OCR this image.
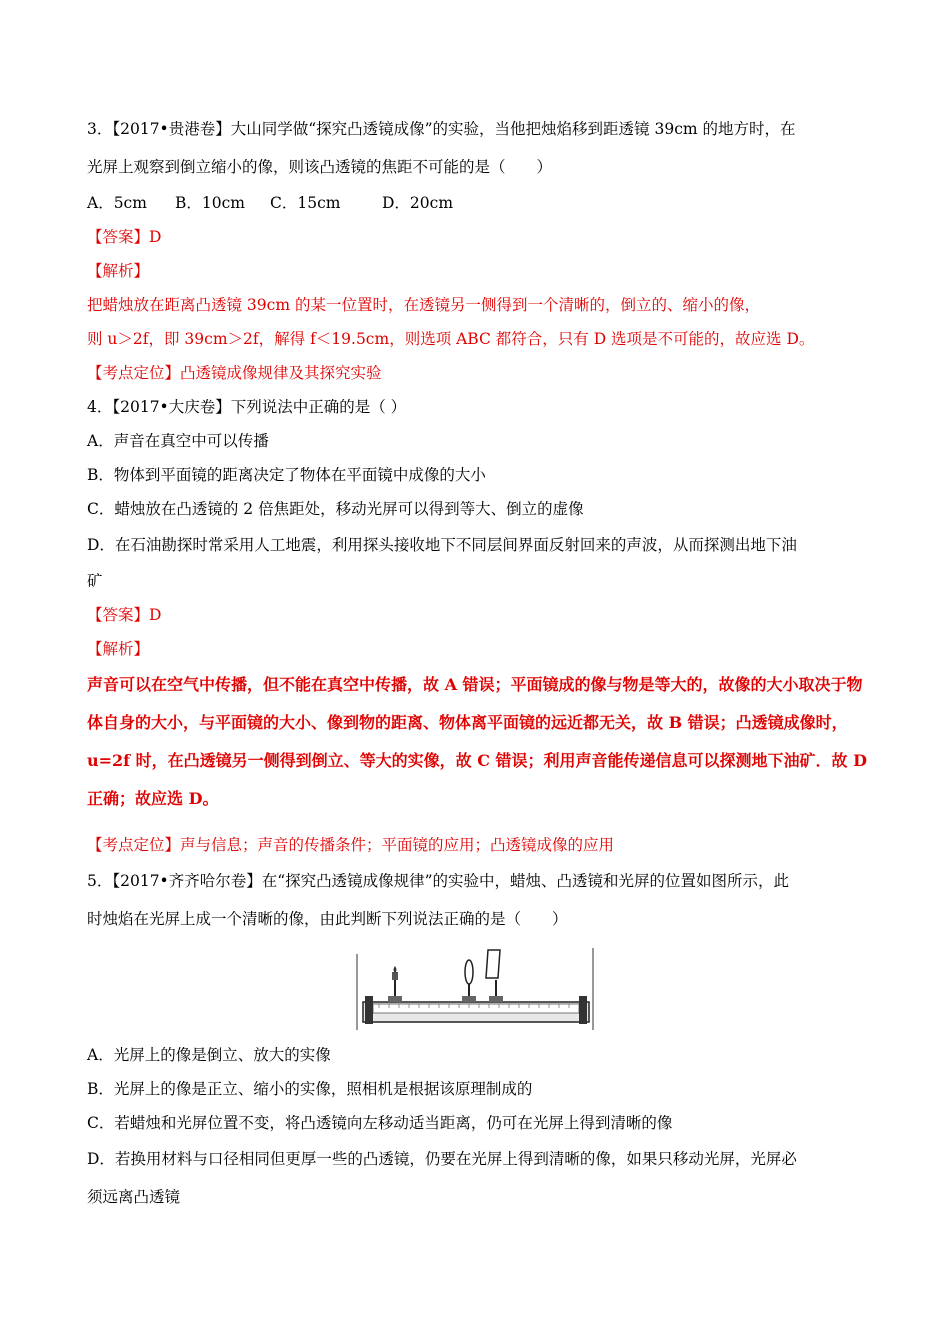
3．【2017•贵港卷】大山同学做“探究凸透镜成像”的实验，当他把烛焰移到距透镜 39cm 的地方时，在
光屏上观察到倒立缩小的像，则该凸透镜的焦距不可能的是（　　）
A．5cm B．10cm C．15cm	D．20cm
【答案】D
【解析】
把蜡烛放在距离凸透镜 39cm 的某一位置时，在透镜另一侧得到一个清晰的，倒立的、缩小的像，
则 u＞2f，即 39cm＞2f，解得 f＜19.5cm，则选项 ABC 都符合，只有 D 选项是不可能的，故应选 D。
【考点定位】凸透镜成像规律及其探究实验
4．【2017•大庆卷】下列说法中正确的是（ ）
A．声音在真空中可以传播
B．物体到平面镜的距离决定了物体在平面镜中成像的大小
C．蜡烛放在凸透镜的 2 倍焦距处，移动光屏可以得到等大、倒立的虚像
D．在石油勘探时常采用人工地震，利用探头接收地下不同层间界面反射回来的声波，从而探测出地下油
矿
【答案】D
【解析】
声音可以在空气中传播，但不能在真空中传播，故 A 错误；平面镜成的像与物是等大的，故像的大小取决于物体自身的大小，与平面镜的大小、像到物的距离、物体离平面镜的远近都无关，故 B 错误；凸透镜成像时，u=2f 时，在凸透镜另一侧得到倒立、等大的实像，故 C 错误；利用声音能传递信息可以探测地下油矿．故 D 正确；故应选 D。
【考点定位】声与信息；声音的传播条件；平面镜的应用；凸透镜成像的应用
5．【2017•齐齐哈尔卷】在“探究凸透镜成像规律”的实验中，蜡烛、凸透镜和光屏的位置如图所示，此
时烛焰在光屏上成一个清晰的像，由此判断下列说法正确的是（　　）
A．光屏上的像是倒立、放大的实像
B．光屏上的像是正立、缩小的实像，照相机是根据该原理制成的
C．若蜡烛和光屏位置不变，将凸透镜向左移动适当距离，仍可在光屏上得到清晰的像
D．若换用材料与口径相同但更厚一些的凸透镜，仍要在光屏上得到清晰的像，如果只移动光屏，光屏必
须远离凸透镜
